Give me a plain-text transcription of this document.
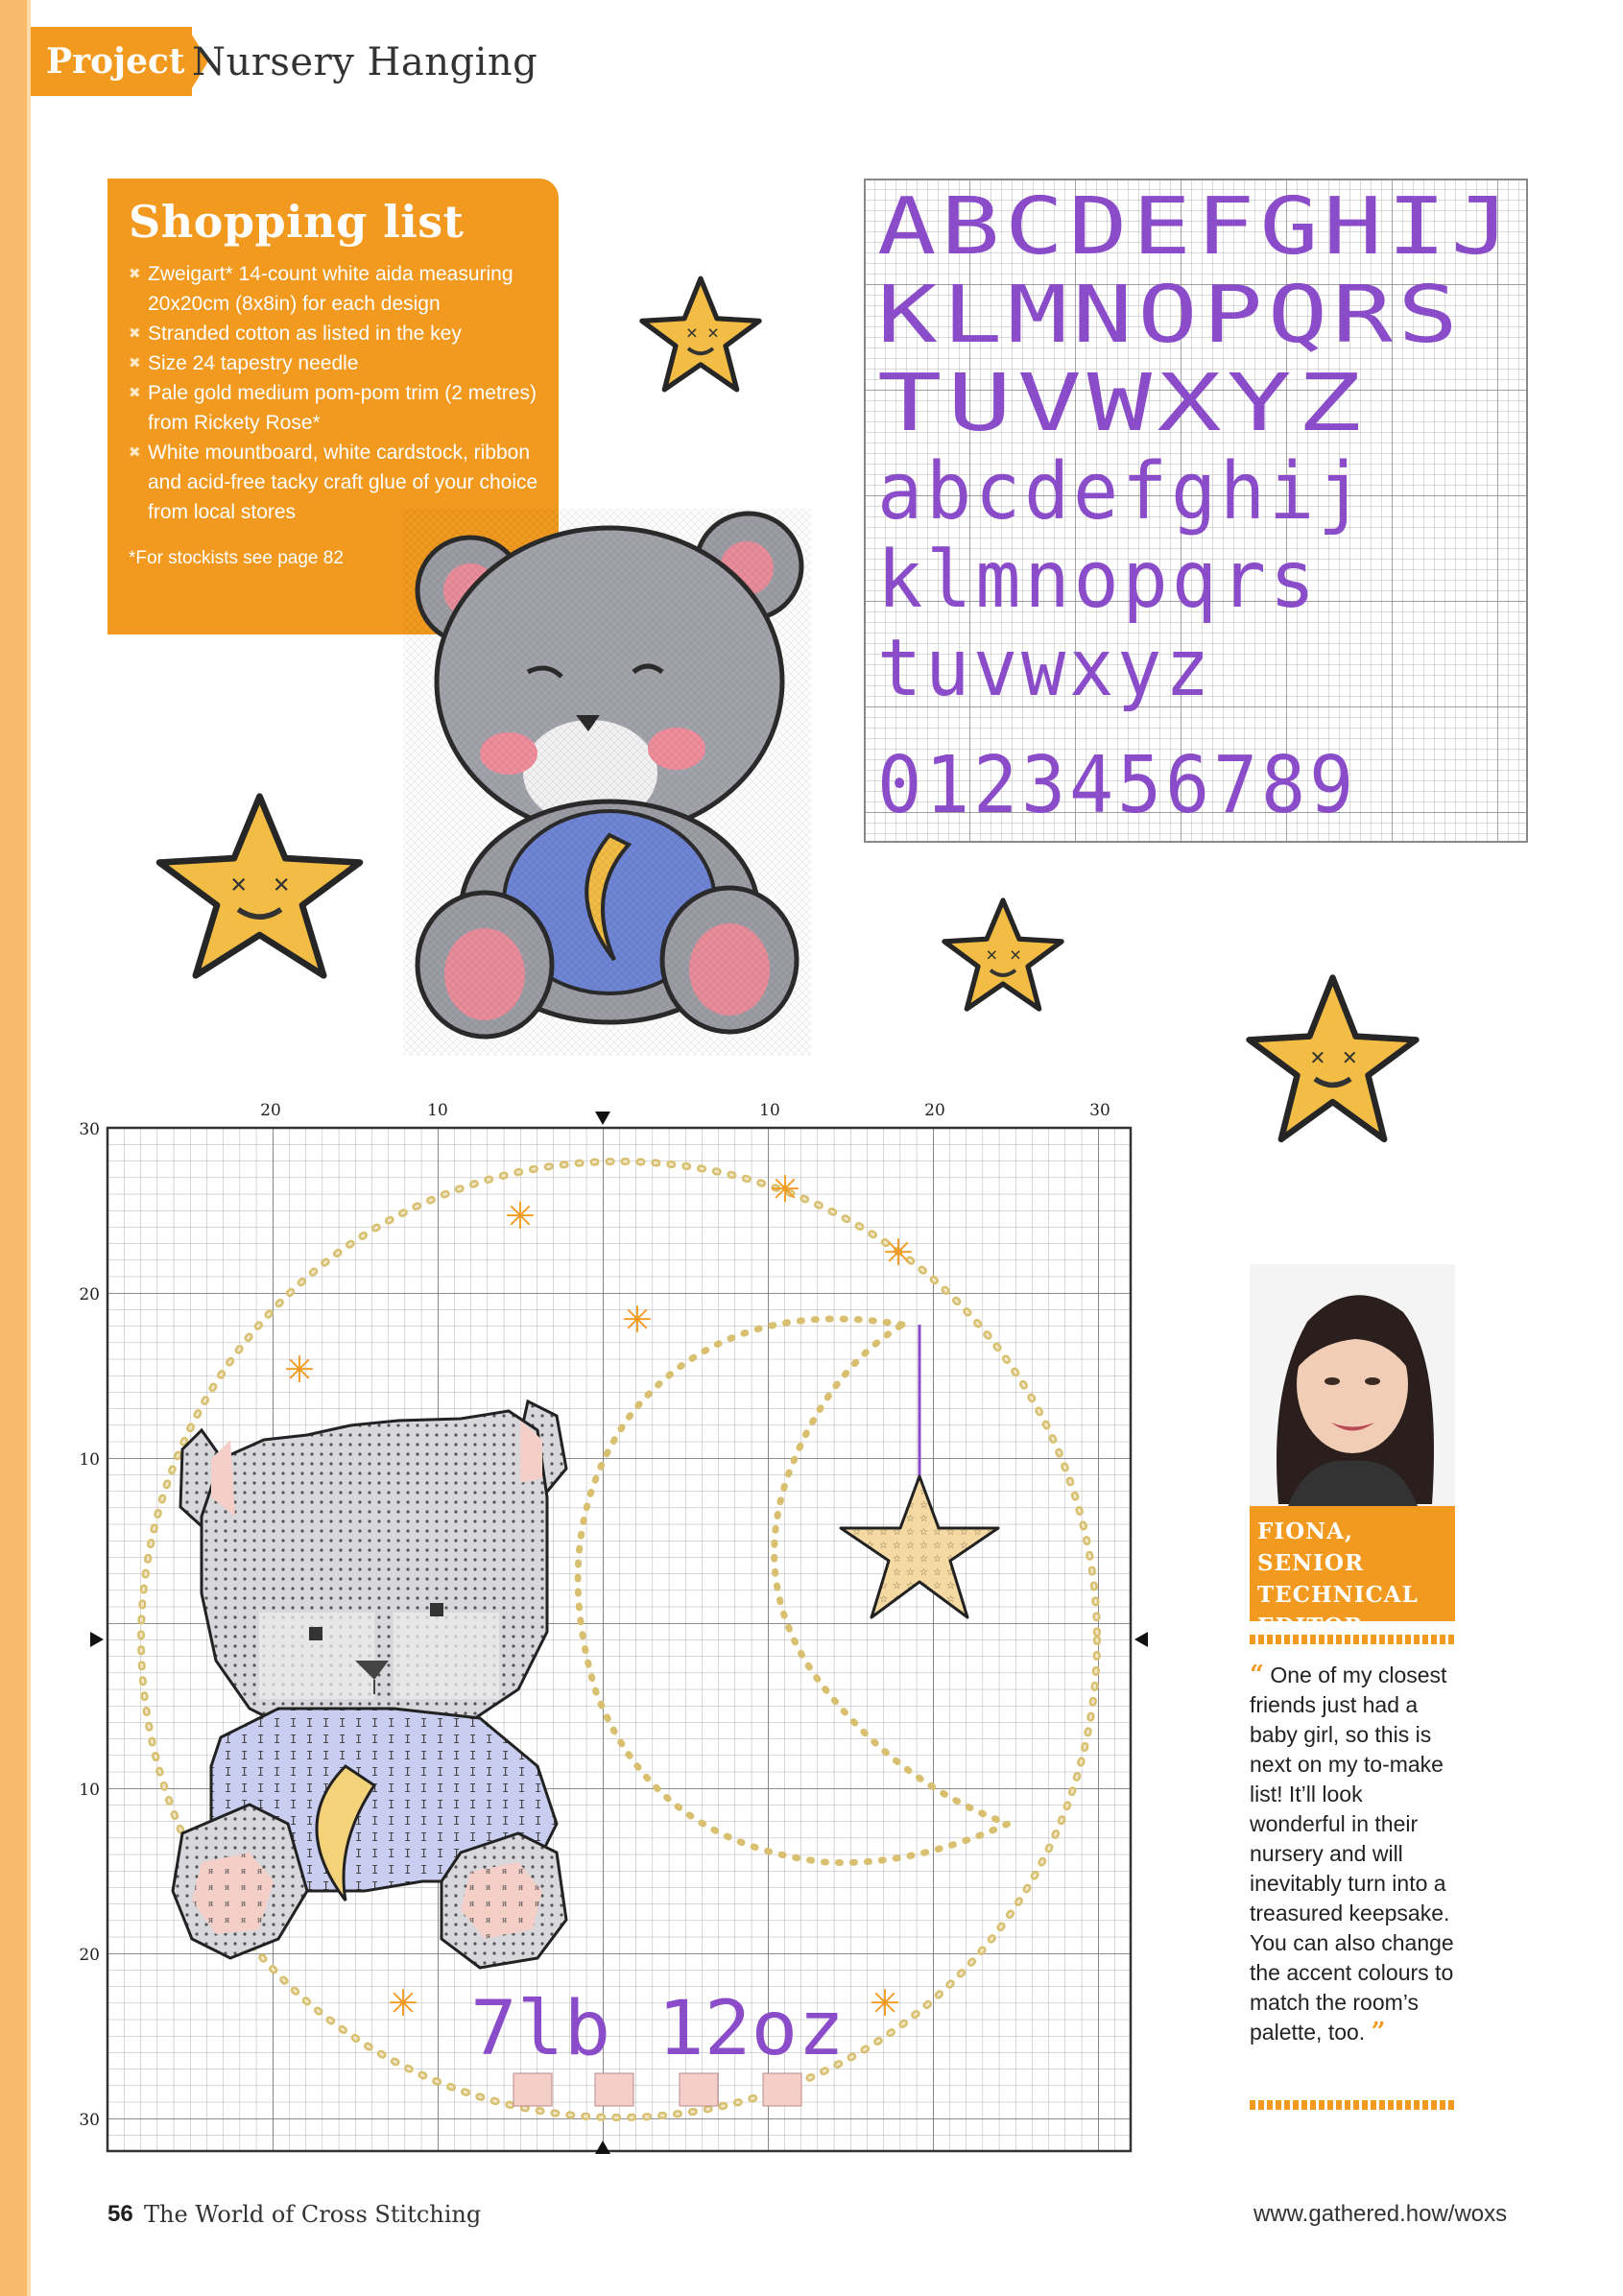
Project Nursery Hanging
Shopping list
✖ Zweigart* 14-count white aida measuring 20x20cm (8x8in) for each design
✖ Stranded cotton as listed in the key
✖ Size 24 tapestry needle
✖ Pale gold medium pom-pom trim (2 metres) from Rickety Rose*
✖ White mountboard, white cardstock, ribbon and acid-free tacky craft glue of your choice from local stores
*For stockists see page 82
✕ ✕
✕	✕
✕ ✕
✕ ✕
ABCDEFGHIJ
KLMNOPQRS
TUVWXYZ
abcdefghij
klmnopqrs
tuvwxyz
0123456789
20	10	10	20	30
30
20
10
10
20
30
✳
✳
✳
✳
✳
✳	✳
7lb 12oz
FIONA, SENIOR
TECHNICAL
EDITOR
“ One of my closest friends just had a baby girl, so this is next on my to-make list! It’ll look wonderful in their nursery and will inevitably turn into a treasured keepsake. You can also change the accent colours to match the room’s palette, too. ”
56 The World of Cross Stitching	www.gathered.how/woxs
